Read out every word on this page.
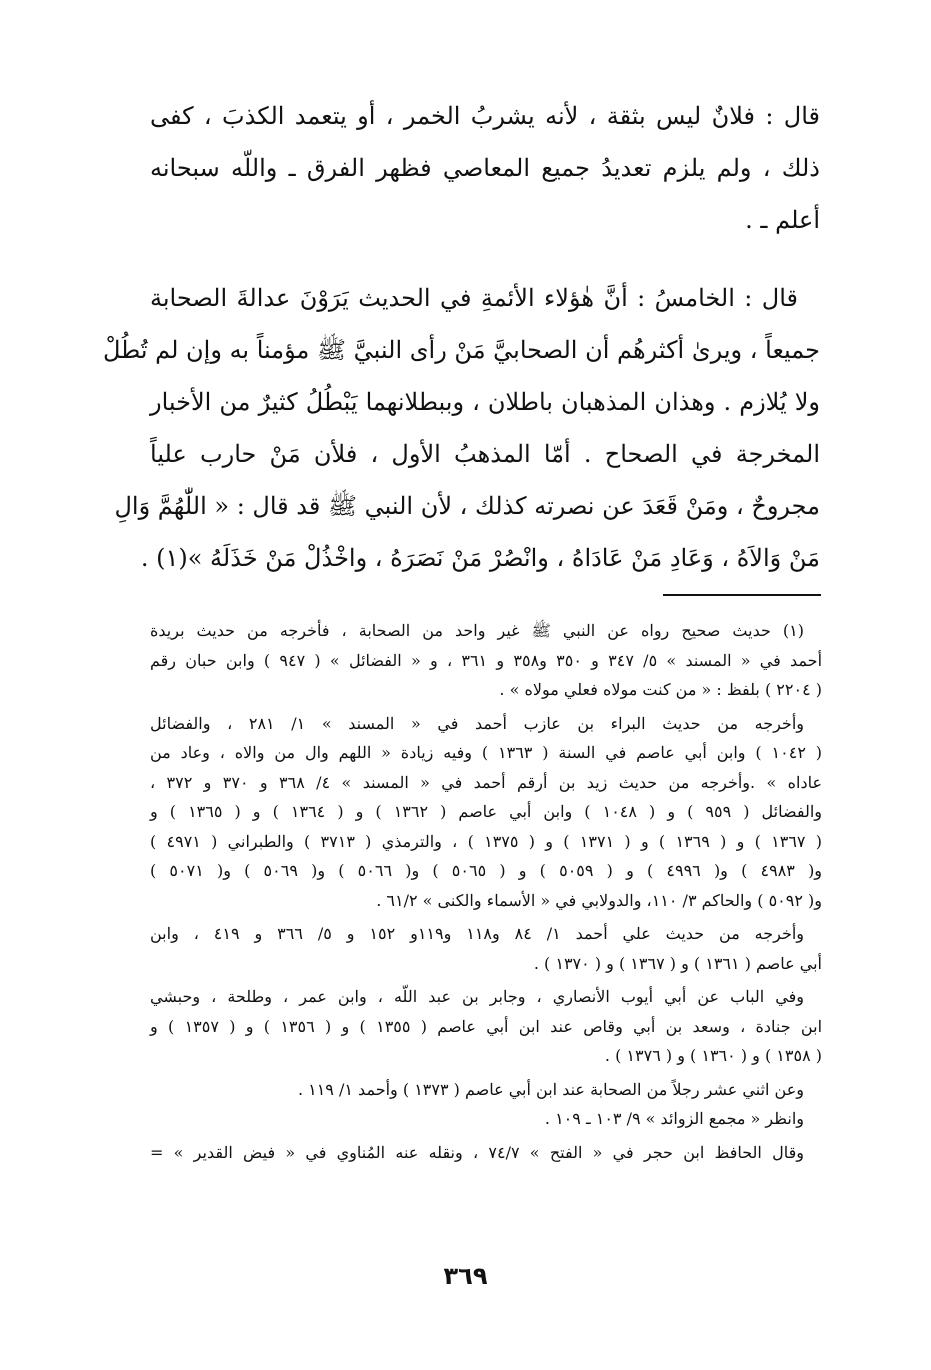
قال : فلانٌ ليس بثقة ، لأنه يشربُ الخمر ، أو يتعمد الكذبَ ، كفى
ذلك ، ولم يلزم تعديدُ جميع المعاصي فظهر الفرق ـ واللّه سبحانه
أعلم ـ .
قال : الخامسُ : أنَّ هٰؤلاء الأئمةِ في الحديث يَرَوْنَ عدالةَ الصحابة
جميعاً ، ويرىٰ أكثرهُم أن الصحابيَّ مَنْ رأى النبيَّ ﷺ مؤمناً به وإن لم تُطُلْ
ولا يُلازم . وهذان المذهبان باطلان ، وببطلانهما يَبْطُلُ كثيرٌ من الأخبار
المخرجة في الصحاح . أمّا المذهبُ الأول ، فلأن مَنْ حارب علياً
مجروحٌ ، ومَنْ قَعَدَ عن نصرته كذلك ، لأن النبي ﷺ قد قال : « اللّٰهُمَّ وَالِ
مَنْ وَالاَهُ ، وَعَادِ مَنْ عَادَاهُ ، وانْصُرْ مَنْ نَصَرَهُ ، واخْذُلْ مَنْ خَذَلَهُ »(١) .
(١) حديث صحيح رواه عن النبي ﷺ غير واحد من الصحابة ، فأخرجه من حديث بريدة
أحمد في « المسند » ٥/ ٣٤٧ و ٣٥٠ و٣٥٨ و ٣٦١ ، و « الفضائل » ( ٩٤٧ ) وابن حبان رقم
( ٢٢٠٤ ) بلفظ : « من كنت مولاه فعلي مولاه » .
وأخرجه من حديث البراء بن عازب أحمد في « المسند » ١/ ٢٨١ ، والفضائل
( ١٠٤٢ ) وابن أبي عاصم في السنة ( ١٣٦٣ ) وفيه زيادة « اللهم وال من والاه ، وعاد من
عاداه » .وأخرجه من حديث زيد بن أرقم أحمد في « المسند » ٤/ ٣٦٨ و ٣٧٠ و ٣٧٢ ،
والفضائل ( ٩٥٩ ) و ( ١٠٤٨ ) وابن أبي عاصم ( ١٣٦٢ ) و ( ١٣٦٤ ) و ( ١٣٦٥ ) و
( ١٣٦٧ ) و ( ١٣٦٩ ) و ( ١٣٧١ ) و ( ١٣٧٥ ) ، والترمذي ( ٣٧١٣ ) والطبراني ( ٤٩٧١ )
و( ٤٩٨٣ ) و( ٤٩٩٦ ) و ( ٥٠٥٩ ) و ( ٥٠٦٥ ) و( ٥٠٦٦ ) و( ٥٠٦٩ ) و( ٥٠٧١ )
و( ٥٠٩٢ ) والحاكم ٣/ ١١٠، والدولابي في « الأسماء والكنى » ٦١/٢ .
وأخرجه من حديث علي أحمد ١/ ٨٤ و١١٨ و١١٩و ١٥٢ و ٥/ ٣٦٦ و ٤١٩ ، وابن
أبي عاصم ( ١٣٦١ ) و ( ١٣٦٧ ) و ( ١٣٧٠ ) .
وفي الباب عن أبي أيوب الأنصاري ، وجابر بن عبد اللّه ، وابن عمر ، وطلحة ، وحبشي
ابن جنادة ، وسعد بن أبي وقاص عند ابن أبي عاصم ( ١٣٥٥ ) و ( ١٣٥٦ ) و ( ١٣٥٧ ) و
( ١٣٥٨ ) و ( ١٣٦٠ ) و ( ١٣٧٦ ) .
وعن اثني عشر رجلاً من الصحابة عند ابن أبي عاصم ( ١٣٧٣ ) وأحمد ١/ ١١٩ .
وانظر « مجمع الزوائد » ٩/ ١٠٣ ـ ١٠٩ .
وقال الحافظ ابن حجر في « الفتح » ٧٤/٧ ، ونقله عنه المُناوي في « فيض القدير » =
٣٦٩
